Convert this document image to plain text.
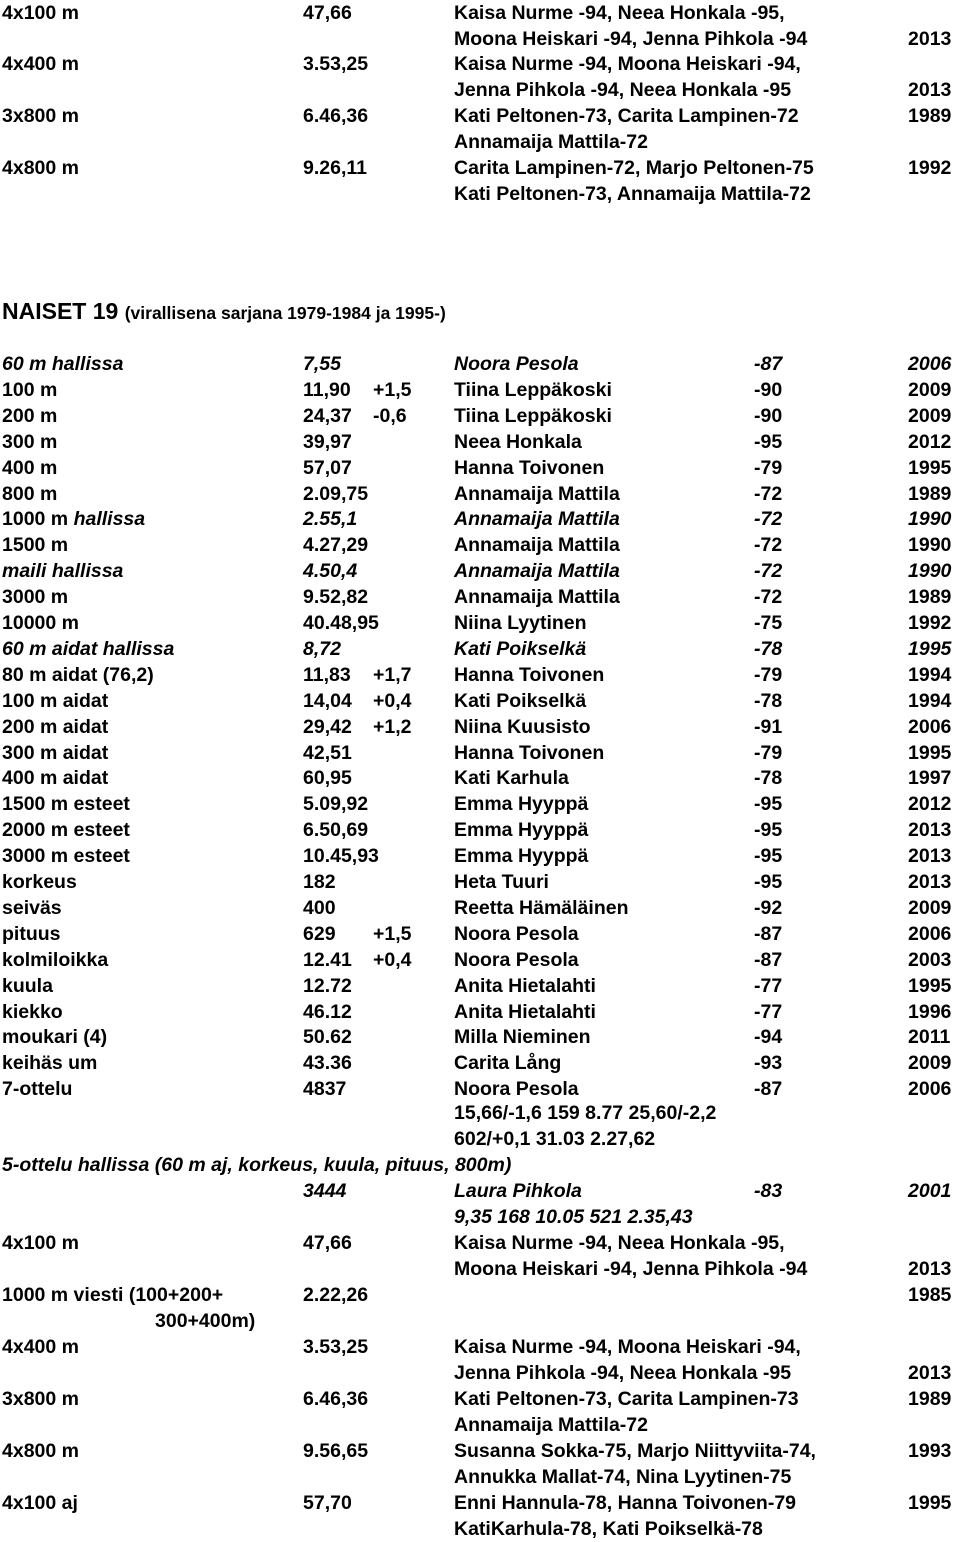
4x100 m	47,66	Kaisa Nurme -94, Neea Honkala -95,
Moona Heiskari -94, Jenna Pihkola -94	2013
4x400 m	3.53,25	Kaisa Nurme -94, Moona Heiskari -94,
Jenna Pihkola -94, Neea Honkala -95	2013
3x800 m	6.46,36	Kati Peltonen-73, Carita Lampinen-72	1989
Annamaija Mattila-72
4x800 m	9.26,11	Carita Lampinen-72, Marjo Peltonen-75	1992
Kati Peltonen-73, Annamaija Mattila-72
NAISET 19 (virallisena sarjana 1979-1984 ja 1995-)
60 m hallissa	7,55	Noora Pesola	-87	2006
100 m	11,90 +1,5 Tiina Leppäkoski	-90	2009
200 m	24,37 -0,6 Tiina Leppäkoski	-90	2009
300 m	39,97	Neea Honkala	-95	2012
400 m	57,07	Hanna Toivonen	-79	1995
800 m	2.09,75	Annamaija Mattila	-72	1989
1000 m hallissa	2.55,1	Annamaija Mattila	-72	1990
1500 m	4.27,29	Annamaija Mattila	-72	1990
maili hallissa	4.50,4	Annamaija Mattila	-72	1990
3000 m	9.52,82	Annamaija Mattila	-72	1989
10000 m	40.48,95	Niina Lyytinen	-75	1992
60 m aidat hallissa	8,72	Kati Poikselkä	-78	1995
80 m aidat (76,2)	11,83 +1,7 Hanna Toivonen	-79	1994
100 m aidat	14,04 +0,4 Kati Poikselkä	-78	1994
200 m aidat	29,42 +1,2 Niina Kuusisto	-91	2006
300 m aidat	42,51	Hanna Toivonen	-79	1995
400 m aidat	60,95	Kati Karhula	-78	1997
1500 m esteet	5.09,92	Emma Hyyppä	-95	2012
2000 m esteet	6.50,69	Emma Hyyppä	-95	2013
3000 m esteet	10.45,93	Emma Hyyppä	-95	2013
korkeus	182	Heta Tuuri	-95	2013
seiväs	400	Reetta Hämäläinen	-92	2009
pituus	629 +1,5 Noora Pesola	-87	2006
kolmiloikka	12.41 +0,4 Noora Pesola	-87	2003
kuula	12.72	Anita Hietalahti	-77	1995
kiekko	46.12	Anita Hietalahti	-77	1996
moukari (4)	50.62	Milla Nieminen	-94	2011
keihäs um	43.36	Carita Lång	-93	2009
7-ottelu	4837	Noora Pesola	-87	2006
15,66/-1,6 159 8.77 25,60/-2,2
602/+0,1 31.03 2.27,62
5-ottelu hallissa (60 m aj, korkeus, kuula, pituus, 800m)
3444	Laura Pihkola	-83	2001
9,35 168 10.05 521 2.35,43
4x100 m	47,66	Kaisa Nurme -94, Neea Honkala -95,
Moona Heiskari -94, Jenna Pihkola -94	2013
1000 m viesti (100+200+
300+400m)
2.22,26	1985
4x400 m	3.53,25	Kaisa Nurme -94, Moona Heiskari -94,
Jenna Pihkola -94, Neea Honkala -95	2013
3x800 m	6.46,36	Kati Peltonen-73, Carita Lampinen-73	1989
Annamaija Mattila-72
4x800 m	9.56,65	Susanna Sokka-75, Marjo Niittyviita-74,	1993
Annukka Mallat-74, Nina Lyytinen-75
4x100 aj	57,70	Enni Hannula-78, Hanna Toivonen-79	1995
KatiKarhula-78, Kati Poikselkä-78
